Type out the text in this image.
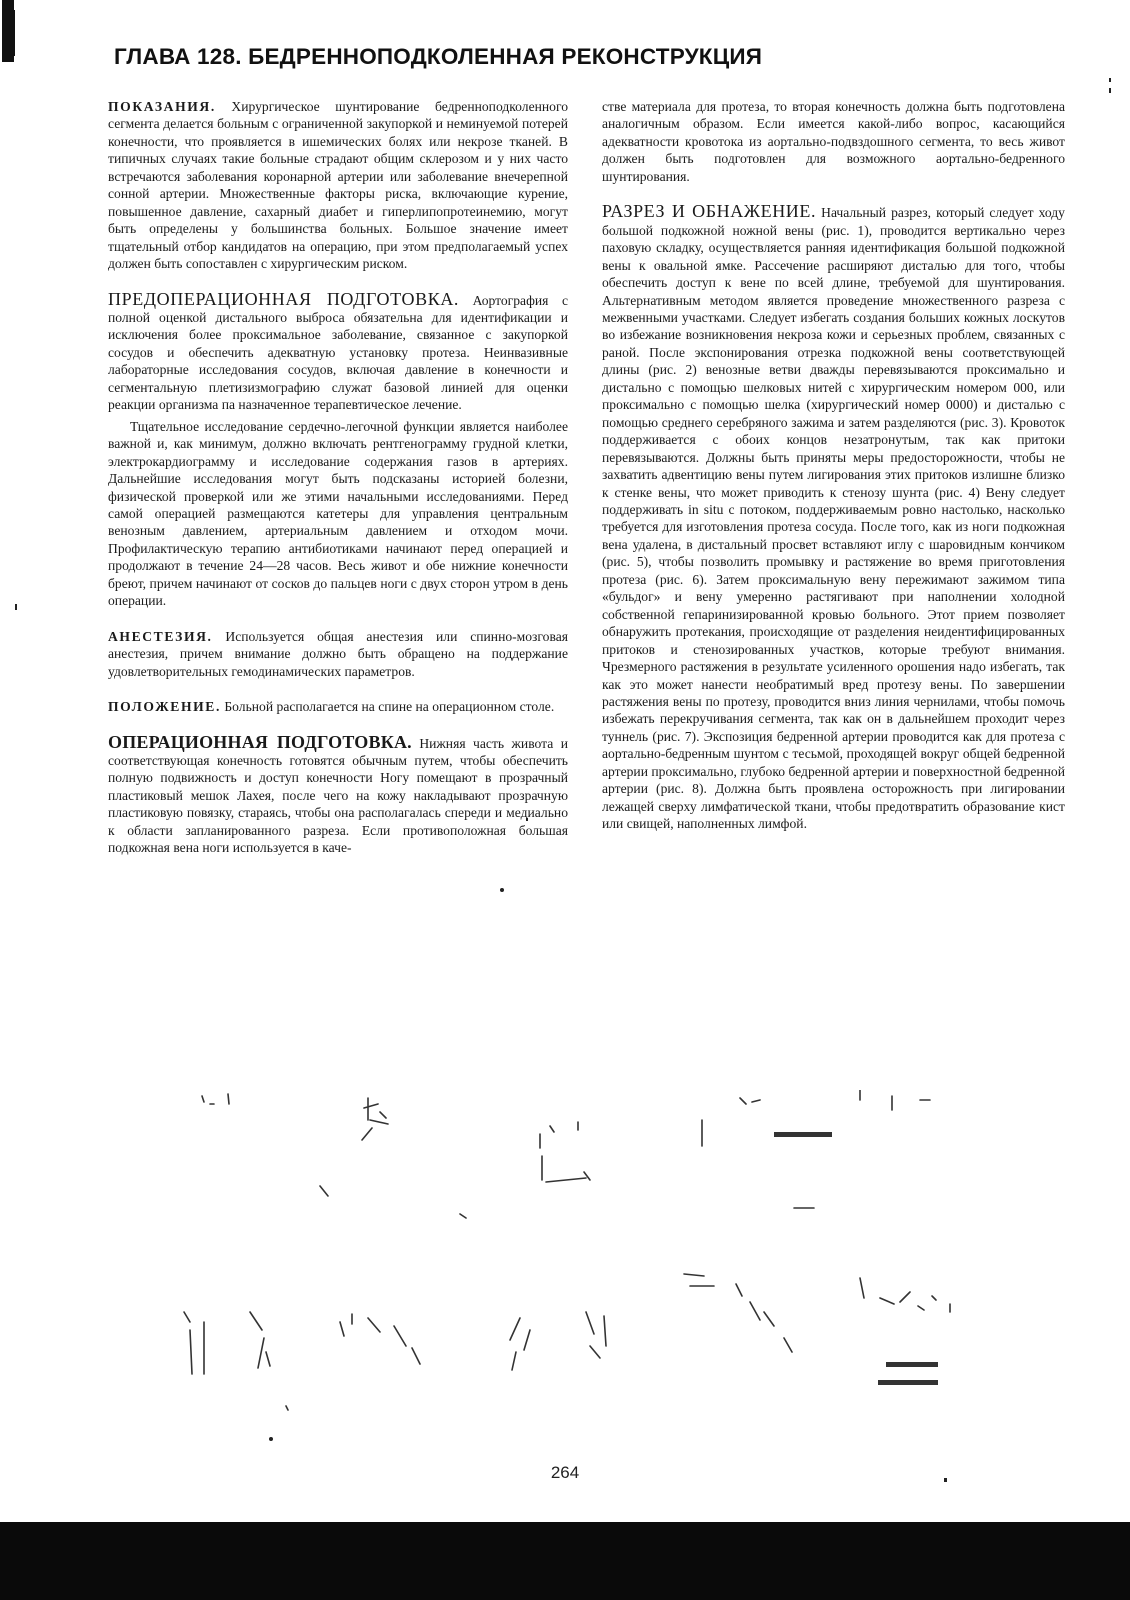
ГЛАВА 128. БЕДРЕННОПОДКОЛЕННАЯ РЕКОНСТРУКЦИЯ

ПОКАЗАНИЯ. Хирургическое шунтирование бедренноподколенного сегмента делается больным с ограниченной закупоркой и неминуемой потерей конечности, что проявляется в ишемических болях или некрозе тканей. В типичных случаях такие больные страдают общим склерозом и у них часто встречаются заболевания коронарной артерии или заболевание внечерепной сонной артерии. Множественные факторы риска, включающие курение, повышенное давление, сахарный диабет и гиперлипопротеинемию, могут быть определены у большинства больных. Большое значение имеет тщательный отбор кандидатов на операцию, при этом предполагаемый успех должен быть сопоставлен с хирургическим риском.

ПРЕДОПЕРАЦИОННАЯ ПОДГОТОВКА. Аортография с полной оценкой дистального выброса обязательна для идентификации и исключения более проксимальное заболевание, связанное с закупоркой сосудов и обеспечить адекватную установку протеза. Неинвазивные лабораторные исследования сосудов, включая давление в конечности и сегментальную плетизизмографию служат базовой линией для оценки реакции организма па назначенное терапевтическое лечение.

Тщательное исследование сердечно-легочной функции является наиболее важной и, как минимум, должно включать рентгенограмму грудной клетки, электрокардиограмму и исследование содержания газов в артериях. Дальнейшие исследования могут быть подсказаны историей болезни, физической проверкой или же этими начальными исследованиями. Перед самой операцией размещаются катетеры для управления центральным венозным давлением, артериальным давлением и отходом мочи. Профилактическую терапию антибиотиками начинают перед операцией и продолжают в течение 24—28 часов. Весь живот и обе нижние конечности бреют, причем начинают от сосков до пальцев ноги с двух сторон утром в день операции.

АНЕСТЕЗИЯ. Используется общая анестезия или спинно-мозговая анестезия, причем внимание должно быть обращено на поддержание удовлетворительных гемодинамических параметров.

ПОЛОЖЕНИЕ. Больной располагается на спине на операционном столе.

ОПЕРАЦИОННАЯ ПОДГОТОВКА. Нижняя часть живота и соответствующая конечность готовятся обычным путем, чтобы обеспечить полную подвижность и доступ конечности Ногу помещают в прозрачный пластиковый мешок Лахея, после чего на кожу накладывают прозрачную пластиковую повязку, стараясь, чтобы она располагалась спереди и медиально к области запланированного разреза. Если противоположная большая подкожная вена ноги используется в каче-

стве материала для протеза, то вторая конечность должна быть подготовлена аналогичным образом. Если имеется какой-либо вопрос, касающийся адекватности кровотока из аортально-подвздошного сегмента, то весь живот должен быть подготовлен для возможного аортально-бедренного шунтирования.

РАЗРЕЗ И ОБНАЖЕНИЕ. Начальный разрез, который следует ходу большой подкожной ножной вены (рис. 1), проводится вертикально через паховую складку, осуществляется ранняя идентификация большой подкожной вены к овальной ямке. Рассечение расширяют дисталью для того, чтобы обеспечить доступ к вене по всей длине, требуемой для шунтирования. Альтернативным методом является проведение множественного разреза с межвенными участками. Следует избегать создания больших кожных лоскутов во избежание возникновения некроза кожи и серьезных проблем, связанных с раной. После экспонирования отрезка подкожной вены соответствующей длины (рис. 2) венозные ветви дважды перевязываются проксимально и дистально с помощью шелковых нитей с хирургическим номером 000, или проксимально с помощью шелка (хирургический номер 0000) и дисталью с помощью среднего серебряного зажима и затем разделяются (рис. 3). Кровоток поддерживается с обоих концов незатронутым, так как притоки перевязываются. Должны быть приняты меры предосторожности, чтобы не захватить адвентицию вены путем лигирования этих притоков излишне близко к стенке вены, что может приводить к стенозу шунта (рис. 4) Вену следует поддерживать in situ с потоком, поддерживаемым ровно настолько, насколько требуется для изготовления протеза сосуда. После того, как из ноги подкожная вена удалена, в дистальный просвет вставляют иглу с шаровидным кончиком (рис. 5), чтобы позволить промывку и растяжение во время приготовления протеза (рис. 6). Затем проксимальную вену пережимают зажимом типа «бульдог» и вену умеренно растягивают при наполнении холодной собственной гепаринизированной кровью больного. Этот прием позволяет обнаружить протекания, происходящие от разделения неидентифицированных притоков и стенозированных участков, которые требуют внимания. Чрезмерного растяжения в результате усиленного орошения надо избегать, так как это может нанести необратимый вред протезу вены. По завершении растяжения вены по протезу, проводится вниз линия чернилами, чтобы помочь избежать перекручивания сегмента, так как он в дальнейшем проходит через туннель (рис. 7). Экспозиция бедренной артерии проводится как для протеза с аортально-бедренным шунтом с тесьмой, проходящей вокруг общей бедренной артерии проксимально, глубоко бедренной артерии и поверхностной бедренной артерии (рис. 8). Должна быть проявлена осторожность при лигировании лежащей сверху лимфатической ткани, чтобы предотвратить образование кист или свищей, наполненных лимфой.

264
